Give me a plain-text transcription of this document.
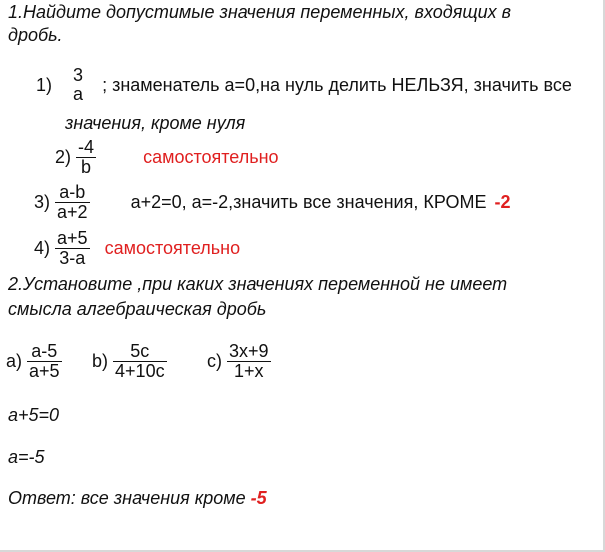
1.Найдите допустимые значения переменных, входящих в
дробь.
1) 3
a ; знаменатель а=0,на нуль делить НЕЛЬЗЯ, значить все
значения, кроме нуля
$2) \frac{-4}{b}$	самостоятельно
$3) \frac{a-b}{a+2} a+2=0$, a=-2,значить все значения, КРОМЕ -2
$4) \frac{a+5}{3-a}$ самостоятельно
2.Установите ,при каких значениях переменной не имеет
смысла алгебраическая дробь
$a) \frac{a-5}{a+5} b) \frac{5c}{4+10c} c) \frac{3x+9}{1+x}$
a+5=0
a=-5
Ответ: все значения кроме -5
